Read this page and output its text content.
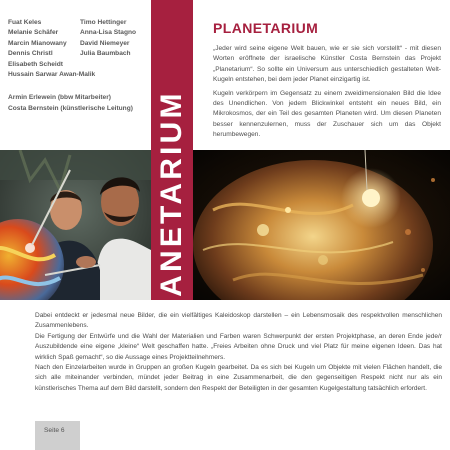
Fuat Keles
Melanie Schäfer
Marcin Mianowany
Dennis Christl
Elisabeth Scheidt
Timo Hettinger
Anna-Lisa Stagno
David Niemeyer
Julia Baumbach
Hussain Sarwar Awan-Malik
Armin Erlewein (bbw Mitarbeiter)
Costa Bernstein (künstlerische Leitung) PLANETARIUM
PLANETARIUM

„Jeder wird seine eigene Welt bauen, wie er sie sich vorstellt“ - mit diesen Worten eröffnete der israelische Künstler Costa Bernstein das Projekt „Planetarium“. So sollte ein Universum aus unterschiedlich gestalteten Welt-Kugeln entstehen, bei dem jeder Planet einzigartig ist.

Kugeln verkörpern im Gegensatz zu einem zweidimensionalen Bild die Idee des Unendlichen. Von jedem Blickwinkel entsteht ein neues Bild, ein Mikrokosmos, der ein Teil des gesamten Planeten wird. Um diesen Planeten besser kennenzulernen, muss der Zuschauer sich um das Objekt herumbewegen.

Dabei entdeckt er jedesmal neue Bilder, die ein vielfältiges Kaleidoskop darstellen – ein Lebensmosaik des respektvollen menschlichen Zusammenlebens.

Die Fertigung der Entwürfe und die Wahl der Materialien und Farben waren Schwerpunkt der ersten Projektphase, an deren Ende jede/r Auszubildende eine eigene „kleine“ Welt geschaffen hatte. „Freies Arbeiten ohne Druck und viel Platz für meine eigenen Ideen. Das hat wirklich Spaß gemacht“, so die Aussage eines Projektteilnehmers.

Nach den Einzelarbeiten wurde in Gruppen an großen Kugeln gearbeitet. Da es sich bei Kugeln um Objekte mit vielen Flächen handelt, die sich alle miteinander verbinden, mündet jeder Beitrag in eine Zusammenarbeit, die den gegenseitigen Respekt nicht nur als ein künstlerisches Thema auf dem Bild darstellt, sondern den Respekt der Beteiligten in der gesamten Kugelgestaltung tatsächlich erfordert.

Seite 6
